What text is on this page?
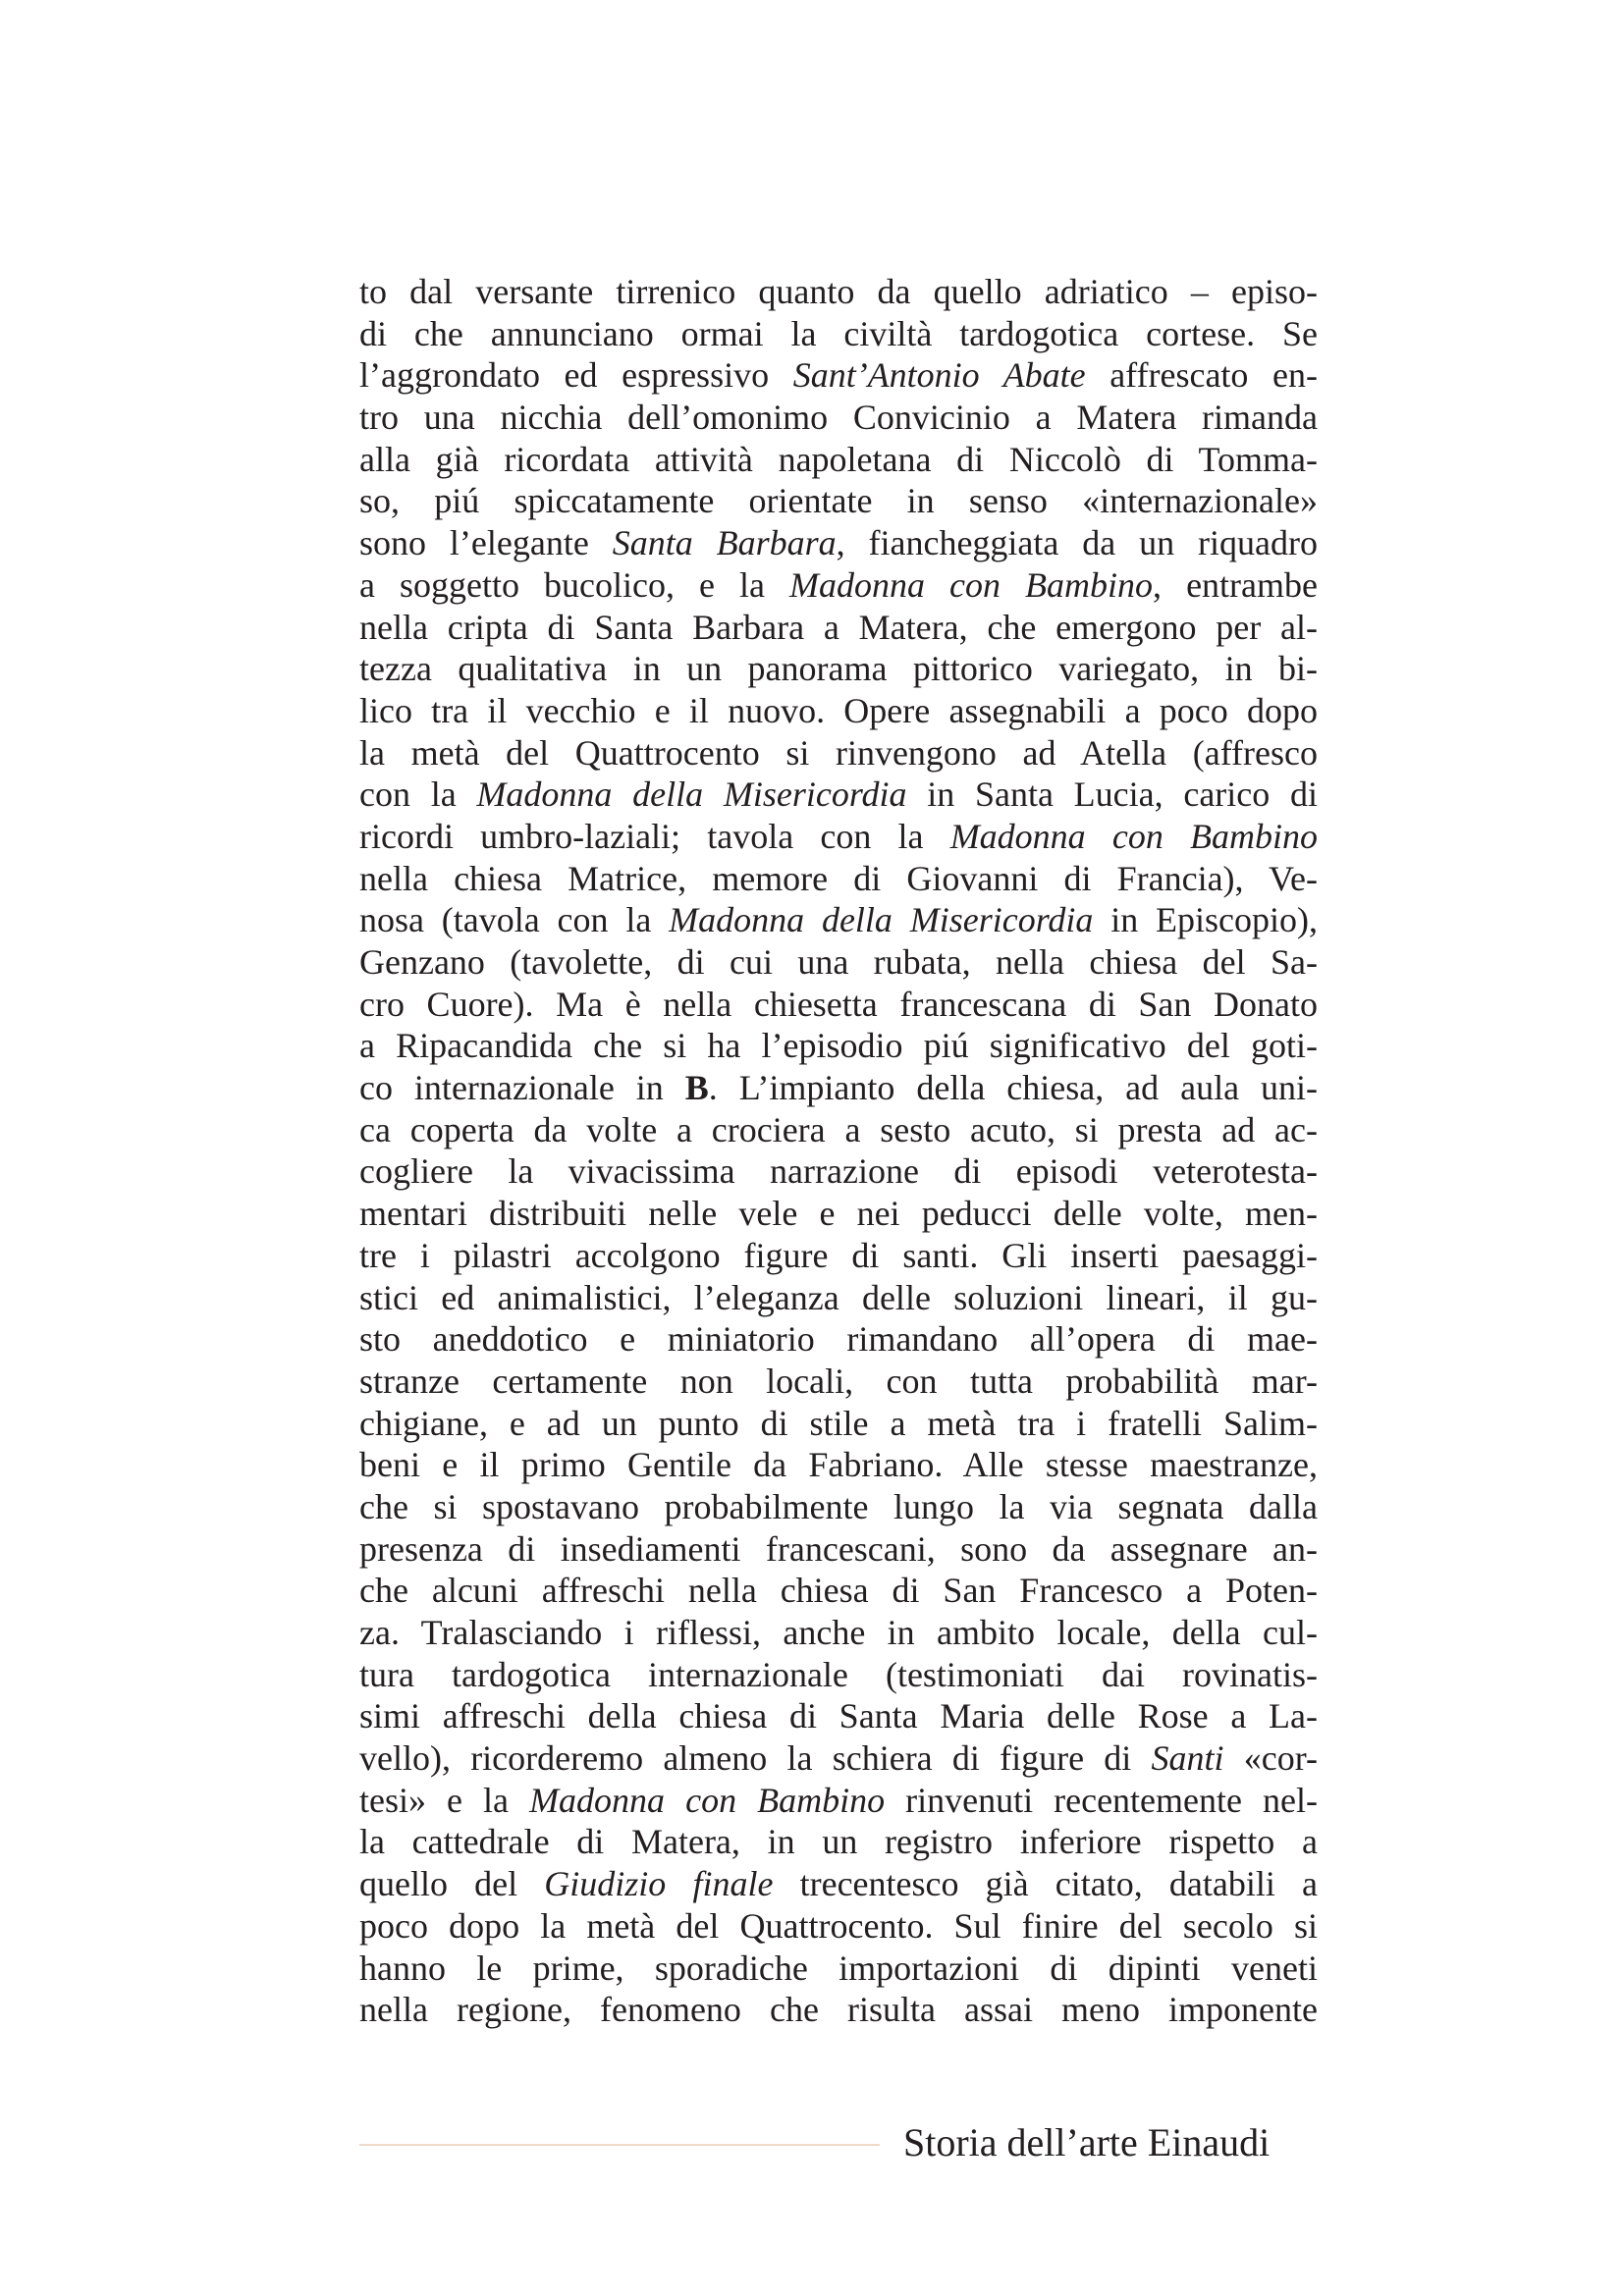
to dal versante tirrenico quanto da quello adriatico – episo-
di che annunciano ormai la civiltà tardogotica cortese. Se
l’aggrondato ed espressivo Sant’Antonio Abate affrescato en-
tro una nicchia dell’omonimo Convicinio a Matera rimanda
alla già ricordata attività napoletana di Niccolò di Tomma-
so, piú spiccatamente orientate in senso «internazionale»
sono l’elegante Santa Barbara, fiancheggiata da un riquadro
a soggetto bucolico, e la Madonna con Bambino, entrambe
nella cripta di Santa Barbara a Matera, che emergono per al-
tezza qualitativa in un panorama pittorico variegato, in bi-
lico tra il vecchio e il nuovo. Opere assegnabili a poco dopo
la metà del Quattrocento si rinvengono ad Atella (affresco
con la Madonna della Misericordia in Santa Lucia, carico di
ricordi umbro-laziali; tavola con la Madonna con Bambino
nella chiesa Matrice, memore di Giovanni di Francia), Ve-
nosa (tavola con la Madonna della Misericordia in Episcopio),
Genzano (tavolette, di cui una rubata, nella chiesa del Sa-
cro Cuore). Ma è nella chiesetta francescana di San Donato
a Ripacandida che si ha l’episodio piú significativo del goti-
co internazionale in B. L’impianto della chiesa, ad aula uni-
ca coperta da volte a crociera a sesto acuto, si presta ad ac-
cogliere la vivacissima narrazione di episodi veterotesta-
mentari distribuiti nelle vele e nei peducci delle volte, men-
tre i pilastri accolgono figure di santi. Gli inserti paesaggi-
stici ed animalistici, l’eleganza delle soluzioni lineari, il gu-
sto aneddotico e miniatorio rimandano all’opera di mae-
stranze certamente non locali, con tutta probabilità mar-
chigiane, e ad un punto di stile a metà tra i fratelli Salim-
beni e il primo Gentile da Fabriano. Alle stesse maestranze,
che si spostavano probabilmente lungo la via segnata dalla
presenza di insediamenti francescani, sono da assegnare an-
che alcuni affreschi nella chiesa di San Francesco a Poten-
za. Tralasciando i riflessi, anche in ambito locale, della cul-
tura tardogotica internazionale (testimoniati dai rovinatis-
simi affreschi della chiesa di Santa Maria delle Rose a La-
vello), ricorderemo almeno la schiera di figure di Santi «cor-
tesi» e la Madonna con Bambino rinvenuti recentemente nel-
la cattedrale di Matera, in un registro inferiore rispetto a
quello del Giudizio finale trecentesco già citato, databili a
poco dopo la metà del Quattrocento. Sul finire del secolo si
hanno le prime, sporadiche importazioni di dipinti veneti
nella regione, fenomeno che risulta assai meno imponente
Storia dell’arte Einaudi
